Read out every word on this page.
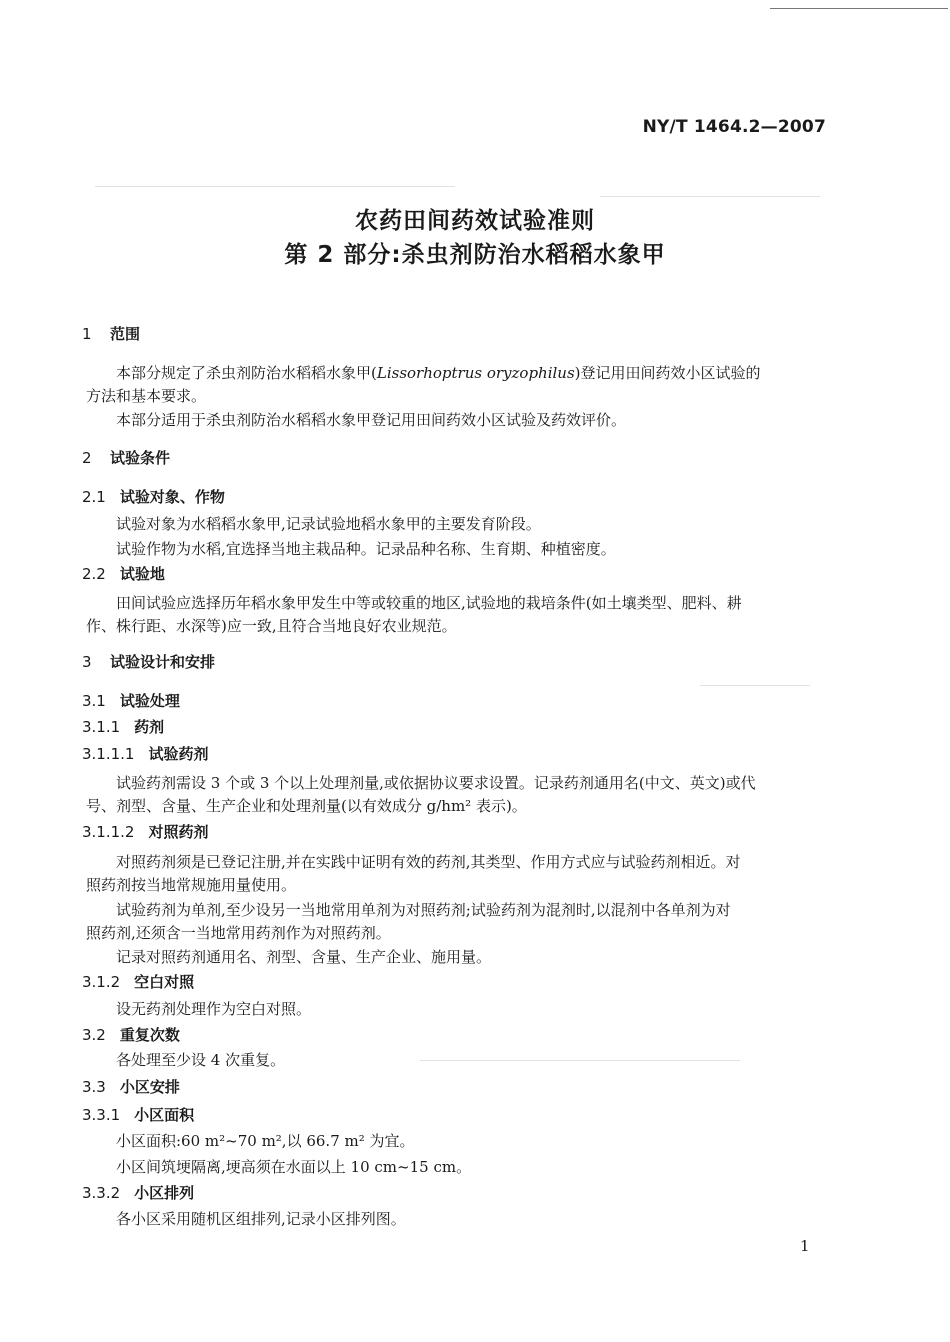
NY/T 1464.2—2007
农药田间药效试验准则
第 2 部分:杀虫剂防治水稻稻水象甲
1 范围
本部分规定了杀虫剂防治水稻稻水象甲(Lissorhoptrus oryzophilus)登记用田间药效小区试验的
方法和基本要求。
本部分适用于杀虫剂防治水稻稻水象甲登记用田间药效小区试验及药效评价。
2 试验条件
2.1 试验对象、作物
试验对象为水稻稻水象甲,记录试验地稻水象甲的主要发育阶段。
试验作物为水稻,宜选择当地主栽品种。记录品种名称、生育期、种植密度。
2.2 试验地
田间试验应选择历年稻水象甲发生中等或较重的地区,试验地的栽培条件(如土壤类型、肥料、耕
作、株行距、水深等)应一致,且符合当地良好农业规范。
3 试验设计和安排
3.1 试验处理
3.1.1 药剂
3.1.1.1 试验药剂
试验药剂需设 3 个或 3 个以上处理剂量,或依据协议要求设置。记录药剂通用名(中文、英文)或代
号、剂型、含量、生产企业和处理剂量(以有效成分 g/hm² 表示)。
3.1.1.2 对照药剂
对照药剂须是已登记注册,并在实践中证明有效的药剂,其类型、作用方式应与试验药剂相近。对
照药剂按当地常规施用量使用。
试验药剂为单剂,至少设另一当地常用单剂为对照药剂;试验药剂为混剂时,以混剂中各单剂为对
照药剂,还须含一当地常用药剂作为对照药剂。
记录对照药剂通用名、剂型、含量、生产企业、施用量。
3.1.2 空白对照
设无药剂处理作为空白对照。
3.2 重复次数
各处理至少设 4 次重复。
3.3 小区安排
3.3.1 小区面积
小区面积:60 m²~70 m²,以 66.7 m² 为宜。
小区间筑埂隔离,埂高须在水面以上 10 cm~15 cm。
3.3.2 小区排列
各小区采用随机区组排列,记录小区排列图。
1
